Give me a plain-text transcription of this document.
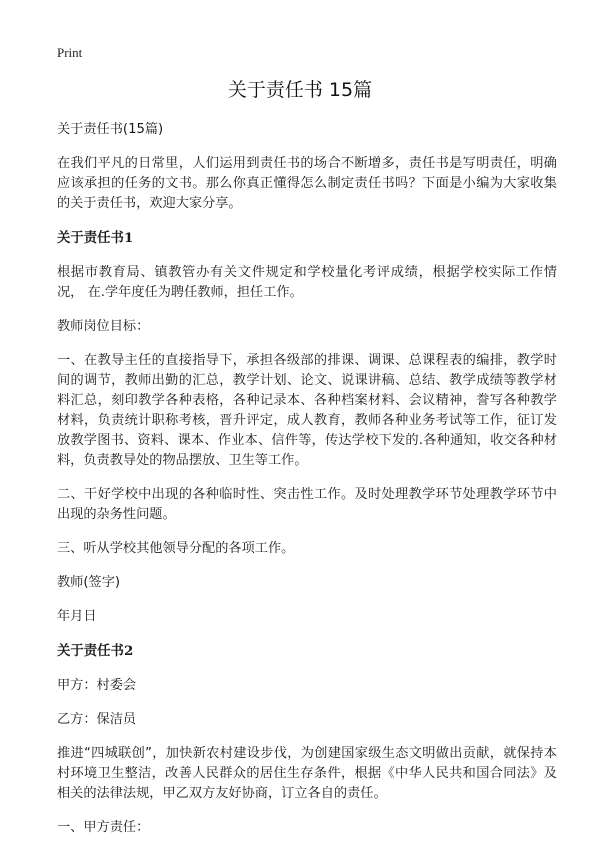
Print
关于责任书 15篇

关于责任书(15篇)

在我们平凡的日常里，人们运用到责任书的场合不断增多，责任书是写明责任，明确应该承担的任务的文书。那么你真正懂得怎么制定责任书吗？下面是小编为大家收集的关于责任书，欢迎大家分享。

关于责任书1

根据市教育局、镇教管办有关文件规定和学校量化考评成绩，根据学校实际工作情况， 在.学年度任为聘任教师，担任工作。

教师岗位目标：

一、在教导主任的直接指导下，承担各级部的排课、调课、总课程表的编排，教学时间的调节，教师出勤的汇总，教学计划、论文、说课讲稿、总结、教学成绩等教学材料汇总，刻印教学各种表格，各种记录本、各种档案材料、会议精神，誊写各种教学材料，负责统计职称考核，晋升评定，成人教育，教师各种业务考试等工作，征订发放教学图书、资料、课本、作业本、信件等，传达学校下发的.各种通知，收交各种材料，负责教导处的物品摆放、卫生等工作。

二、干好学校中出现的各种临时性、突击性工作。及时处理教学环节处理教学环节中出现的杂务性问题。

三、听从学校其他领导分配的各项工作。

教师(签字)

年月日

关于责任书2

甲方：村委会

乙方：保洁员

推进“四城联创”，加快新农村建设步伐，为创建国家级生态文明做出贡献，就保持本村环境卫生整洁，改善人民群众的居住生存条件，根据《中华人民共和国合同法》及相关的法律法规，甲乙双方友好协商，订立各自的责任。

一、甲方责任：
